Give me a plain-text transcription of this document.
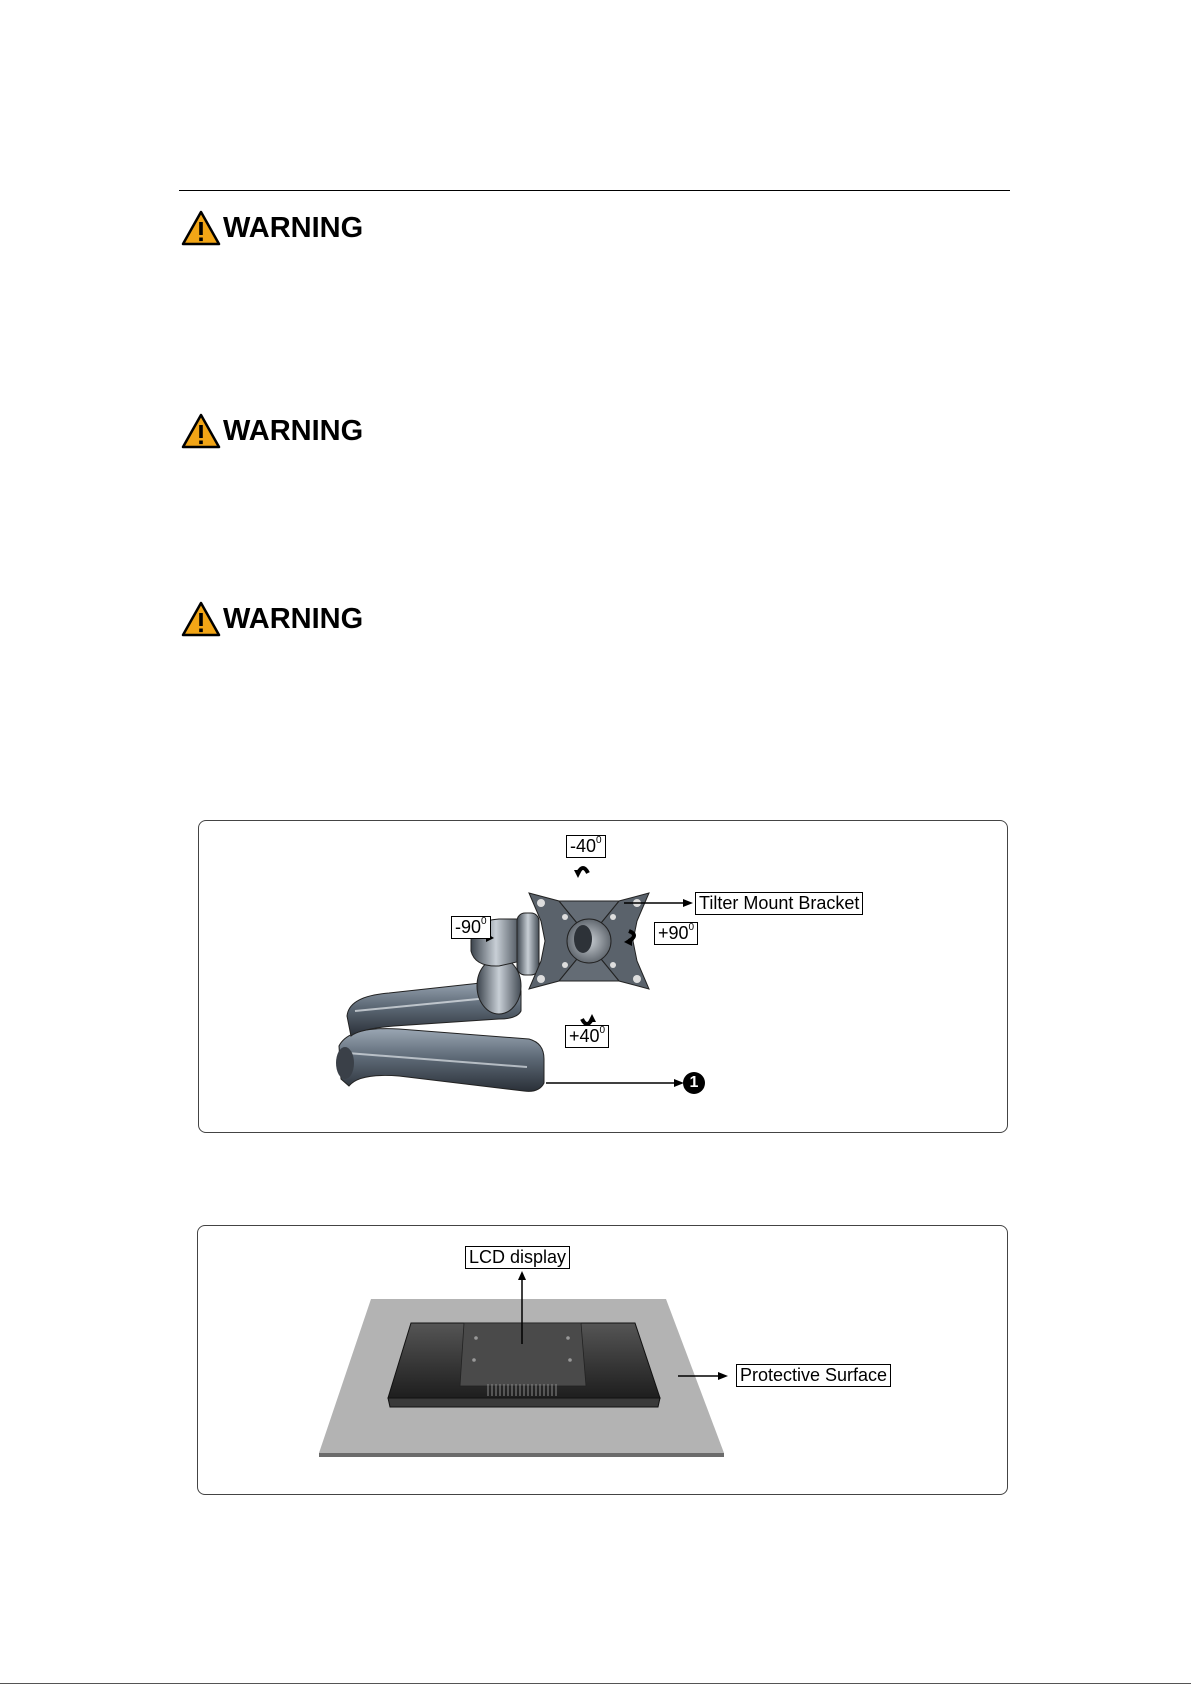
WARNING
WARNING
WARNING
$-40^0$
$+40^0$
$-90^0$
$+90^0$
Tilter Mount Bracket
1
LCD display
Protective Surface
